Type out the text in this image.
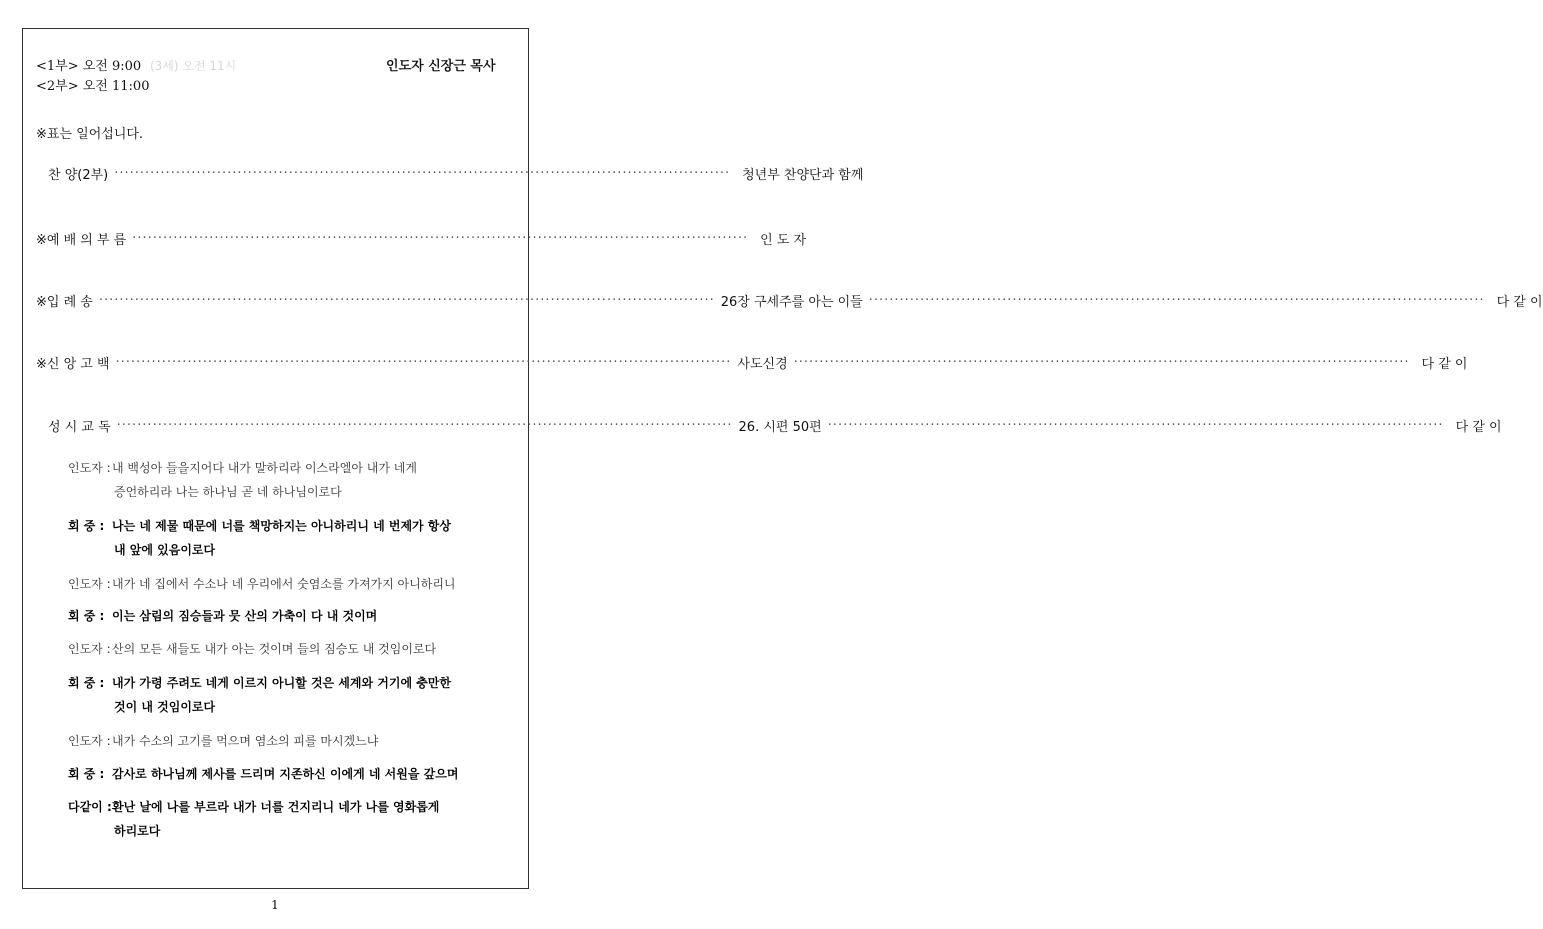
<1부> 오전 9:00
<2부> 오전 11:00
(3세) 오전 11시	인도자 신장근 목사
※표는 일어섭니다.
찬 양(2부) ························································································································ 청년부 찬양단과 함께
※예 배 의 부 름 ························································································································ 인 도 자
※입 례 송 ························································································································ 26장 구세주를 아는 이들 ························································································································ 다 같 이
※신 앙 고 백 ························································································································ 사도신경 ························································································································ 다 같 이
성 시 교 독 ························································································································ 26. 시편 50편 ························································································································ 다 같 이
인도자 :내 백성아 들을지어다 내가 말하리라 이스라엘아 내가 네게
증언하리라 나는 하나님 곧 네 하나님이로다
회 중 : 나는 네 제물 때문에 너를 책망하지는 아니하리니 네 번제가 항상
내 앞에 있음이로다
인도자 :내가 네 집에서 수소나 네 우리에서 숫염소를 가져가지 아니하리니
회 중 : 이는 삼림의 짐승들과 뭇 산의 가축이 다 내 것이며
인도자 :산의 모든 새들도 내가 아는 것이며 들의 짐승도 내 것임이로다
회 중 : 내가 가령 주려도 네게 이르지 아니할 것은 세계와 거기에 충만한
것이 내 것임이로다
인도자 :내가 수소의 고기를 먹으며 염소의 피를 마시겠느냐
회 중 : 감사로 하나님께 제사를 드리며 지존하신 이에게 네 서원을 갚으며
다같이 :환난 날에 나를 부르라 내가 너를 건지리니 네가 나를 영화롭게
하리로다
1
